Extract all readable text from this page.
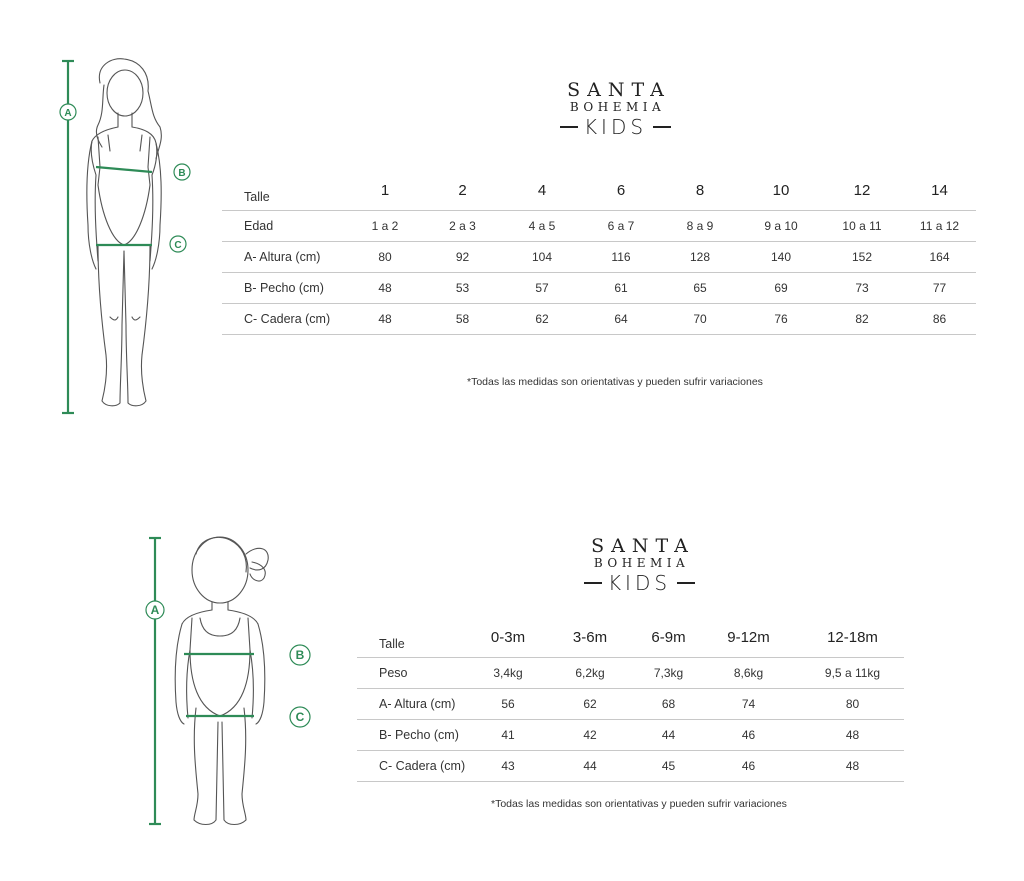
A
B
C
SANTA
BOHEMIA
KIDS
Talle	1	2	4	6	8	10	12	14
Edad	1 a 2	2 a 3	4 a 5	6 a 7	8 a 9	9 a 10	10 a 11	11 a 12
A- Altura (cm)	80	92	104	116	128	140	152	164
B- Pecho (cm)	48	53	57	61	65	69	73	77
C- Cadera (cm)	48	58	62	64	70	76	82	86
*Todas las medidas son orientativas y pueden sufrir variaciones
A
B
C
SANTA
BOHEMIA
KIDS
Talle	0-3m	3-6m	6-9m	9-12m	12-18m
Peso	3,4kg	6,2kg	7,3kg	8,6kg	9,5 a 11kg
A- Altura (cm)	56	62	68	74	80
B- Pecho (cm)	41	42	44	46	48
C- Cadera (cm)	43	44	45	46	48
*Todas las medidas son orientativas y pueden sufrir variaciones
